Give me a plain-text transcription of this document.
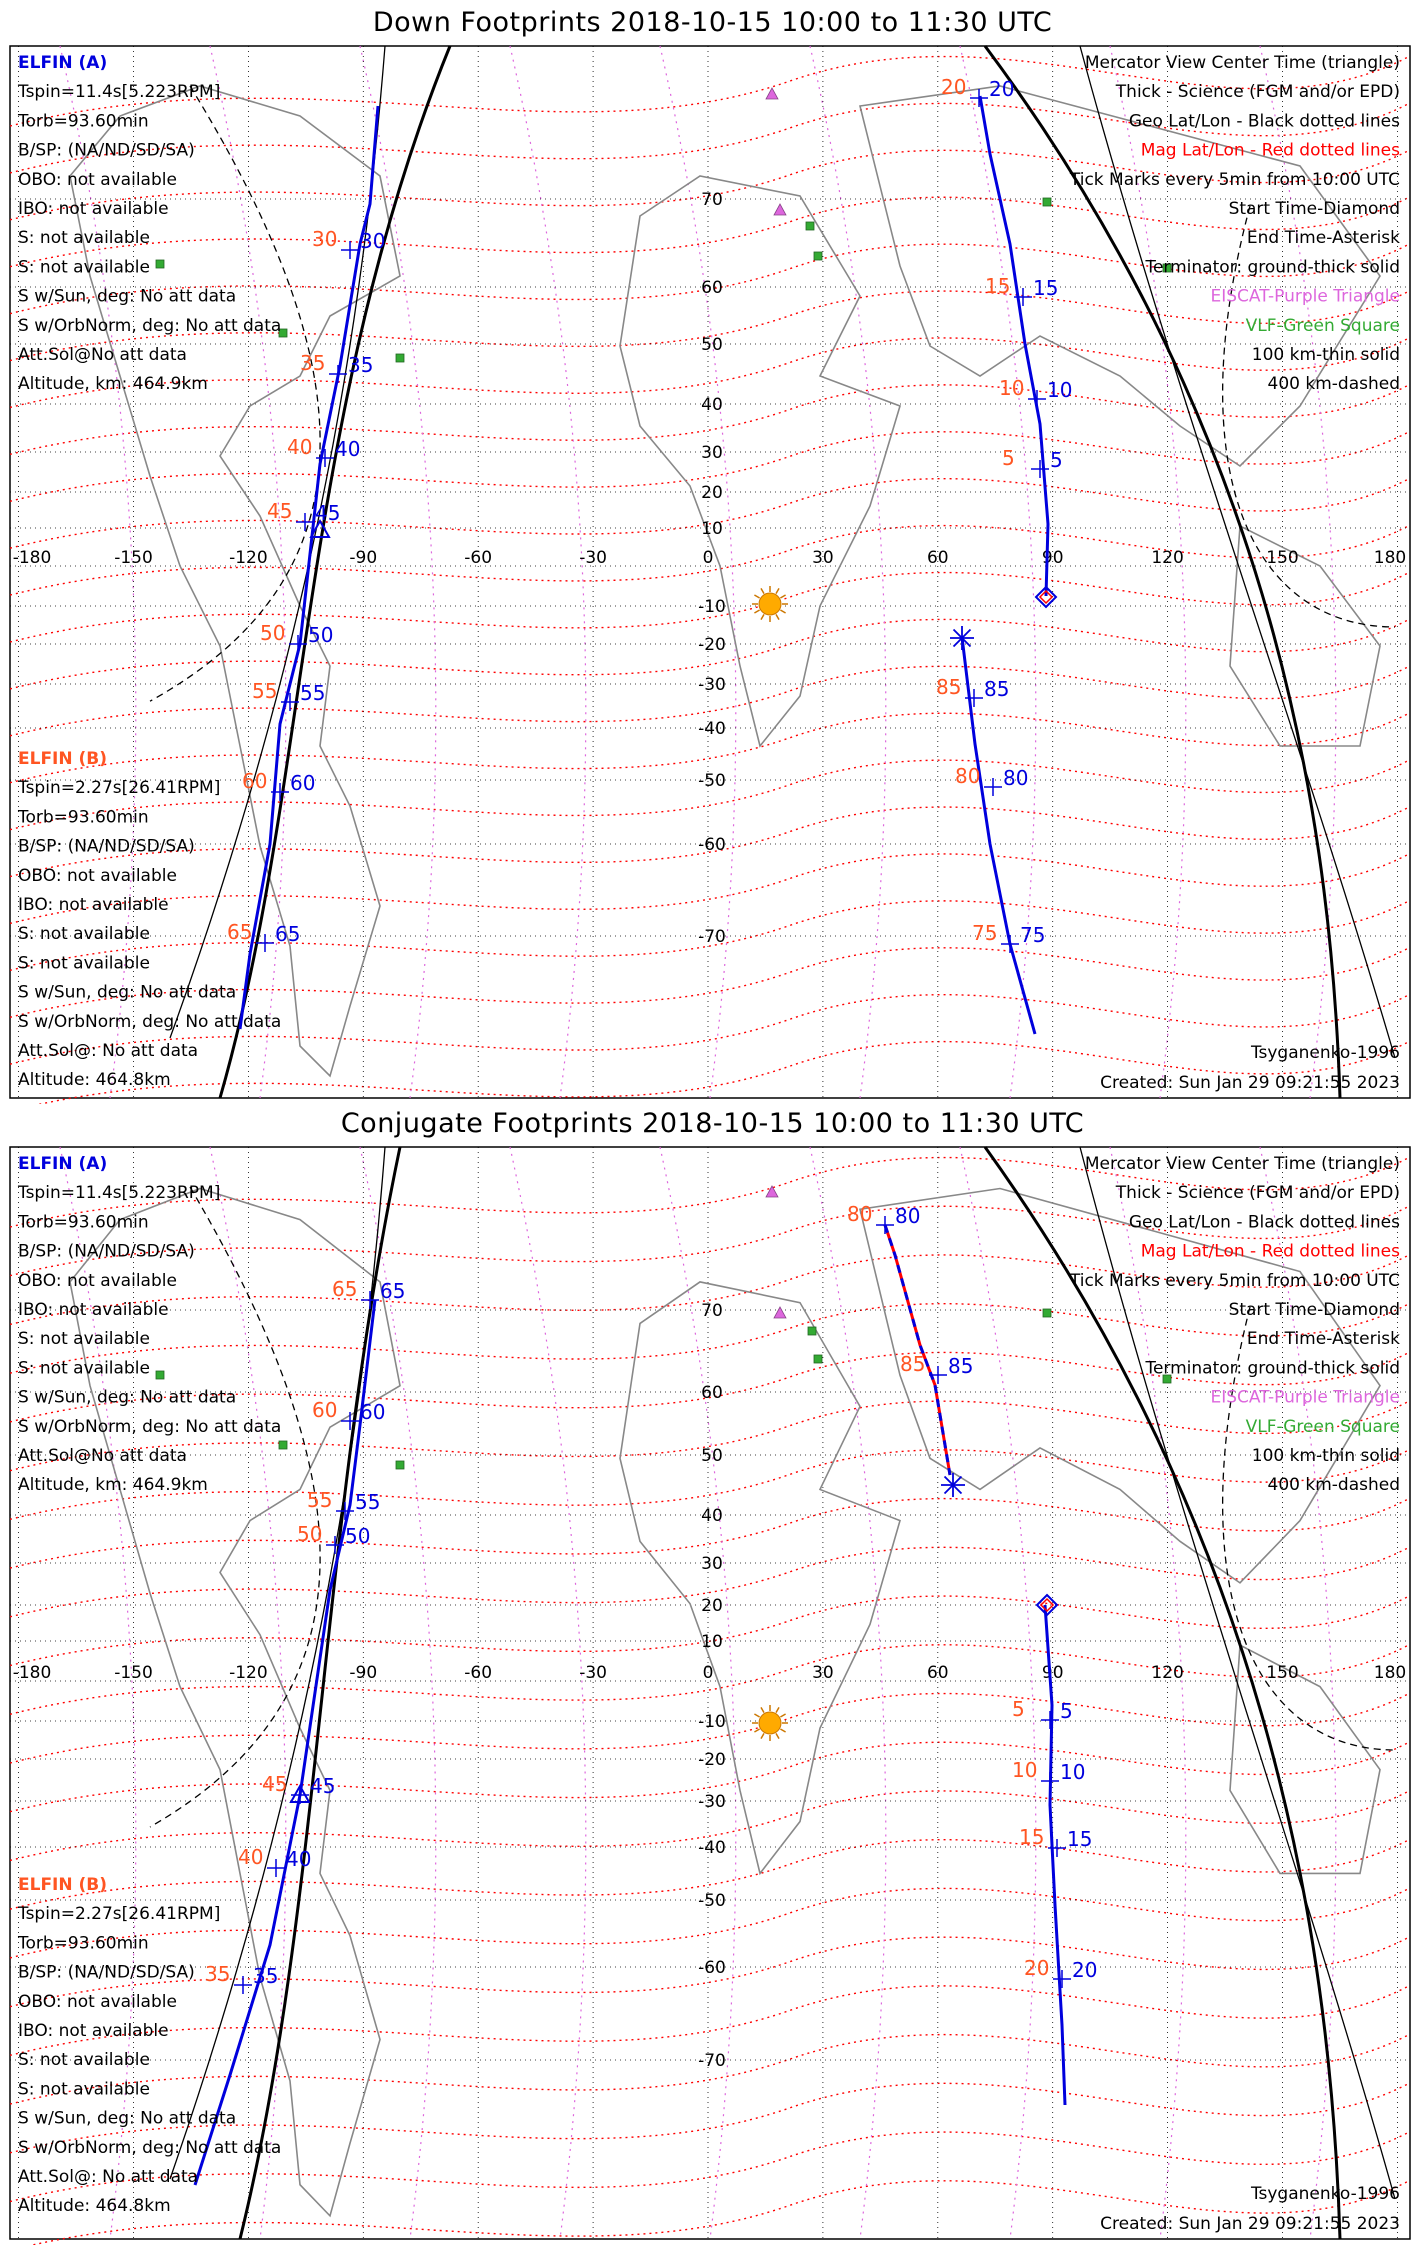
Down Footprints 2018-10-15 10:00 to 11:30 UTC
-180	-150	-120	-90	-60	-30	0	30	60	90	120	150	180
10
20
30
40
50
60
70
-10
-20
-30
-40
-50
-60
-70
5
5
10
10
15
15
20
20
30
30
35
35
40
40
45
45
50
50
55
55
60
60
65
65
85
85
80
80
75
75
ELFIN (A)
Tspin=11.4s[5.223RPM]
Torb=93.60min
B/SP: (NA/ND/SD/SA)
OBO: not available
IBO: not available
S: not available
S: not available
S w/Sun, deg: No att data
S w/OrbNorm, deg: No att data
Att.Sol@No att data
Altitude, km: 464.9km
ELFIN (B)
Tspin=2.27s[26.41RPM]
Torb=93.60min
B/SP: (NA/ND/SD/SA)
OBO: not available
IBO: not available
S: not available
S: not available
S w/Sun, deg: No att data
S w/OrbNorm, deg: No att data
Att.Sol@: No att data
Altitude: 464.8km
Mercator View Center Time (triangle)
Thick - Science (FGM and/or EPD)
Geo Lat/Lon - Black dotted lines
Mag Lat/Lon - Red dotted lines
Tick Marks every 5min from 10:00 UTC
Start Time-Diamond
End Time-Asterisk
Terminator: ground-thick solid
EISCAT-Purple Triangle
VLF-Green Square
100 km-thin solid
400 km-dashed
Tsyganenko-1996
Created: Sun Jan 29 09:21:55 2023
Conjugate Footprints 2018-10-15 10:00 to 11:30 UTC
-180	-150	-120	-90	-60	-30	0	30	60	90	120	150	180
10
20
30
40
50
60
70
-10
-20
-30
-40
-50
-60
-70
5
5
10
10
15
15
20
20
65
65
60
60
55
55
50
50
45
45
40
40
35
35
80
80
85
85
ELFIN (A)
Tspin=11.4s[5.223RPM]
Torb=93.60min
B/SP: (NA/ND/SD/SA)
OBO: not available
IBO: not available
S: not available
S: not available
S w/Sun, deg: No att data
S w/OrbNorm, deg: No att data
Att.Sol@No att data
Altitude, km: 464.9km
ELFIN (B)
Tspin=2.27s[26.41RPM]
Torb=93.60min
B/SP: (NA/ND/SD/SA)
OBO: not available
IBO: not available
S: not available
S: not available
S w/Sun, deg: No att data
S w/OrbNorm, deg: No att data
Att.Sol@: No att data
Altitude: 464.8km
Mercator View Center Time (triangle)
Thick - Science (FGM and/or EPD)
Geo Lat/Lon - Black dotted lines
Mag Lat/Lon - Red dotted lines
Tick Marks every 5min from 10:00 UTC
Start Time-Diamond
End Time-Asterisk
Terminator: ground-thick solid
EISCAT-Purple Triangle
VLF-Green Square
100 km-thin solid
400 km-dashed
Tsyganenko-1996
Created: Sun Jan 29 09:21:55 2023
